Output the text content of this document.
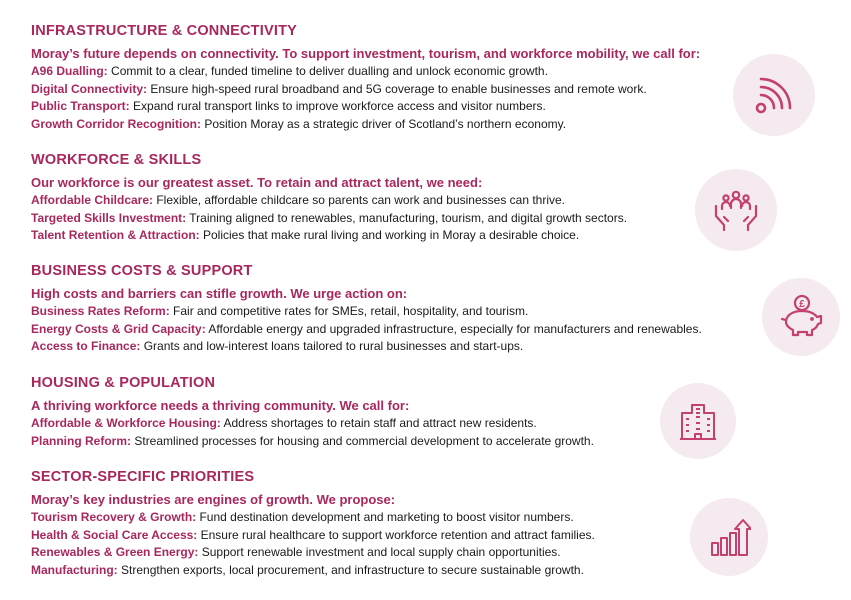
INFRASTRUCTURE & CONNECTIVITY
Moray’s future depends on connectivity. To support investment, tourism, and workforce mobility, we call for:
A96 Dualling: Commit to a clear, funded timeline to deliver dualling and unlock economic growth.
Digital Connectivity: Ensure high-speed rural broadband and 5G coverage to enable businesses and remote work.
Public Transport: Expand rural transport links to improve workforce access and visitor numbers.
Growth Corridor Recognition: Position Moray as a strategic driver of Scotland’s northern economy.
WORKFORCE & SKILLS
Our workforce is our greatest asset. To retain and attract talent, we need:
Affordable Childcare: Flexible, affordable childcare so parents can work and businesses can thrive.
Targeted Skills Investment: Training aligned to renewables, manufacturing, tourism, and digital growth sectors.
Talent Retention & Attraction: Policies that make rural living and working in Moray a desirable choice.
BUSINESS COSTS & SUPPORT
High costs and barriers can stifle growth. We urge action on:
Business Rates Reform: Fair and competitive rates for SMEs, retail, hospitality, and tourism.
Energy Costs & Grid Capacity: Affordable energy and upgraded infrastructure, especially for manufacturers and renewables.
Access to Finance: Grants and low-interest loans tailored to rural businesses and start-ups.
HOUSING & POPULATION
A thriving workforce needs a thriving community. We call for:
Affordable & Workforce Housing: Address shortages to retain staff and attract new residents.
Planning Reform: Streamlined processes for housing and commercial development to accelerate growth.
SECTOR-SPECIFIC PRIORITIES
Moray’s key industries are engines of growth. We propose:
Tourism Recovery & Growth: Fund destination development and marketing to boost visitor numbers.
Health & Social Care Access: Ensure rural healthcare to support workforce retention and attract families.
Renewables & Green Energy: Support renewable investment and local supply chain opportunities.
Manufacturing: Strengthen exports, local procurement, and infrastructure to secure sustainable growth.
£
